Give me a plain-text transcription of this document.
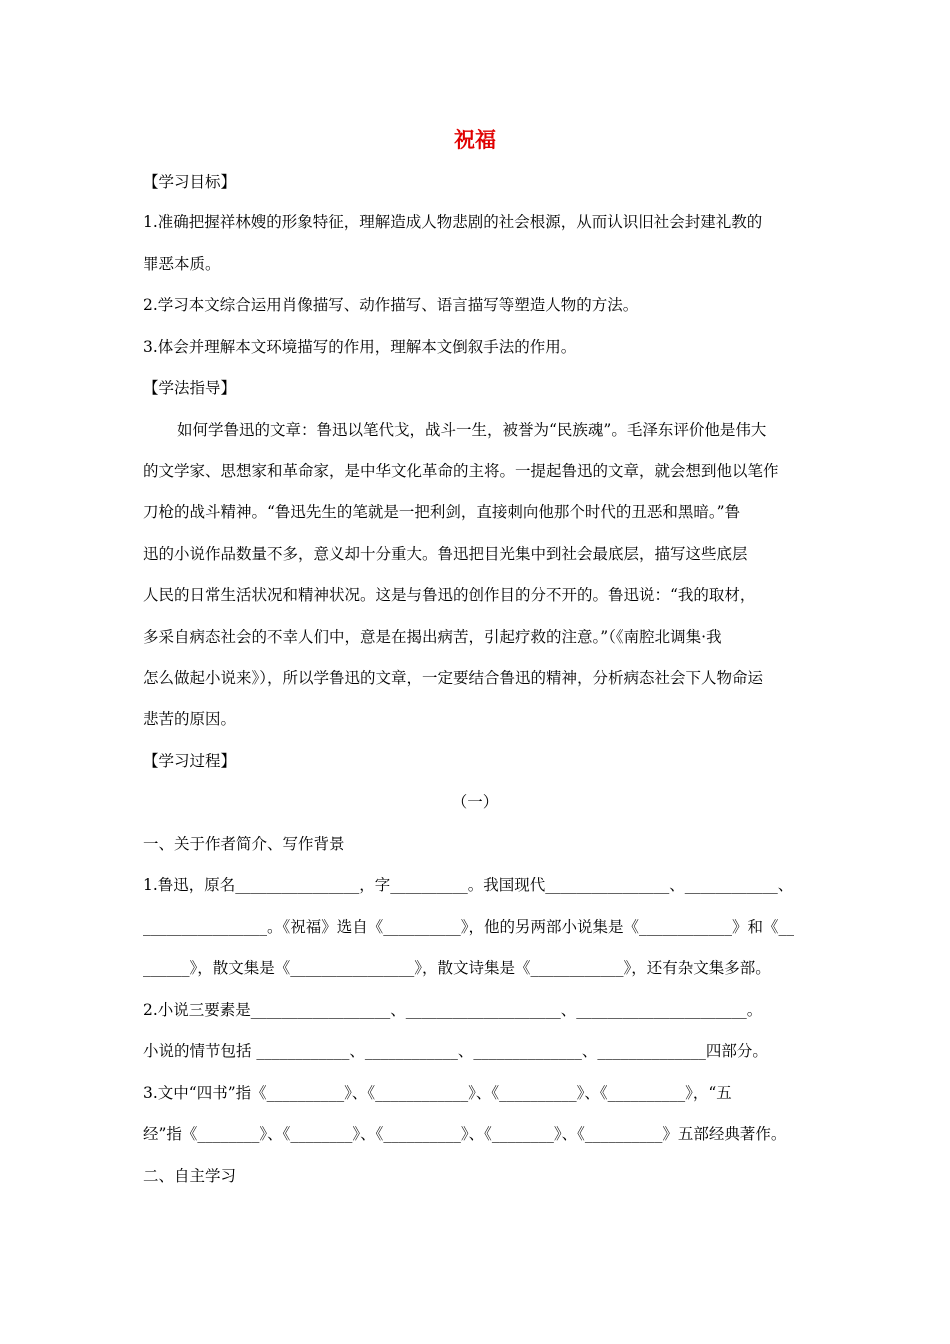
祝福
【学习目标】
1.准确把握祥林嫂的形象特征，理解造成人物悲剧的社会根源，从而认识旧社会封建礼教的
罪恶本质。
2.学习本文综合运用肖像描写、动作描写、语言描写等塑造人物的方法。
3.体会并理解本文环境描写的作用，理解本文倒叙手法的作用。
【学法指导】
如何学鲁迅的文章：鲁迅以笔代戈，战斗一生，被誉为“民族魂”。毛泽东评价他是伟大
的文学家、思想家和革命家，是中华文化革命的主将。一提起鲁迅的文章，就会想到他以笔作
刀枪的战斗精神。“鲁迅先生的笔就是一把利剑，直接刺向他那个时代的丑恶和黑暗。”鲁
迅的小说作品数量不多，意义却十分重大。鲁迅把目光集中到社会最底层，描写这些底层
人民的日常生活状况和精神状况。这是与鲁迅的创作目的分不开的。鲁迅说：“我的取材，
多采自病态社会的不幸人们中，意是在揭出病苦，引起疗救的注意。”（《南腔北调集·我
怎么做起小说来》），所以学鲁迅的文章，一定要结合鲁迅的精神，分析病态社会下人物命运
悲苦的原因。
【学习过程】
（一）
一、关于作者简介、写作背景
1.鲁迅，原名________________，字__________。我国现代________________、____________、
________________。《祝福》选自《__________》，他的另两部小说集是《____________》和《__
______》，散文集是《________________》，散文诗集是《____________》，还有杂文集多部。
2.小说三要素是__________________、____________________、______________________。
小说的情节包括 ____________、____________、______________、______________四部分。
3.文中“四书”指《__________》、《____________》、《__________》、《__________》，“五
经”指《________》、《________》、《__________》、《________》、《__________》五部经典著作。
二、自主学习
